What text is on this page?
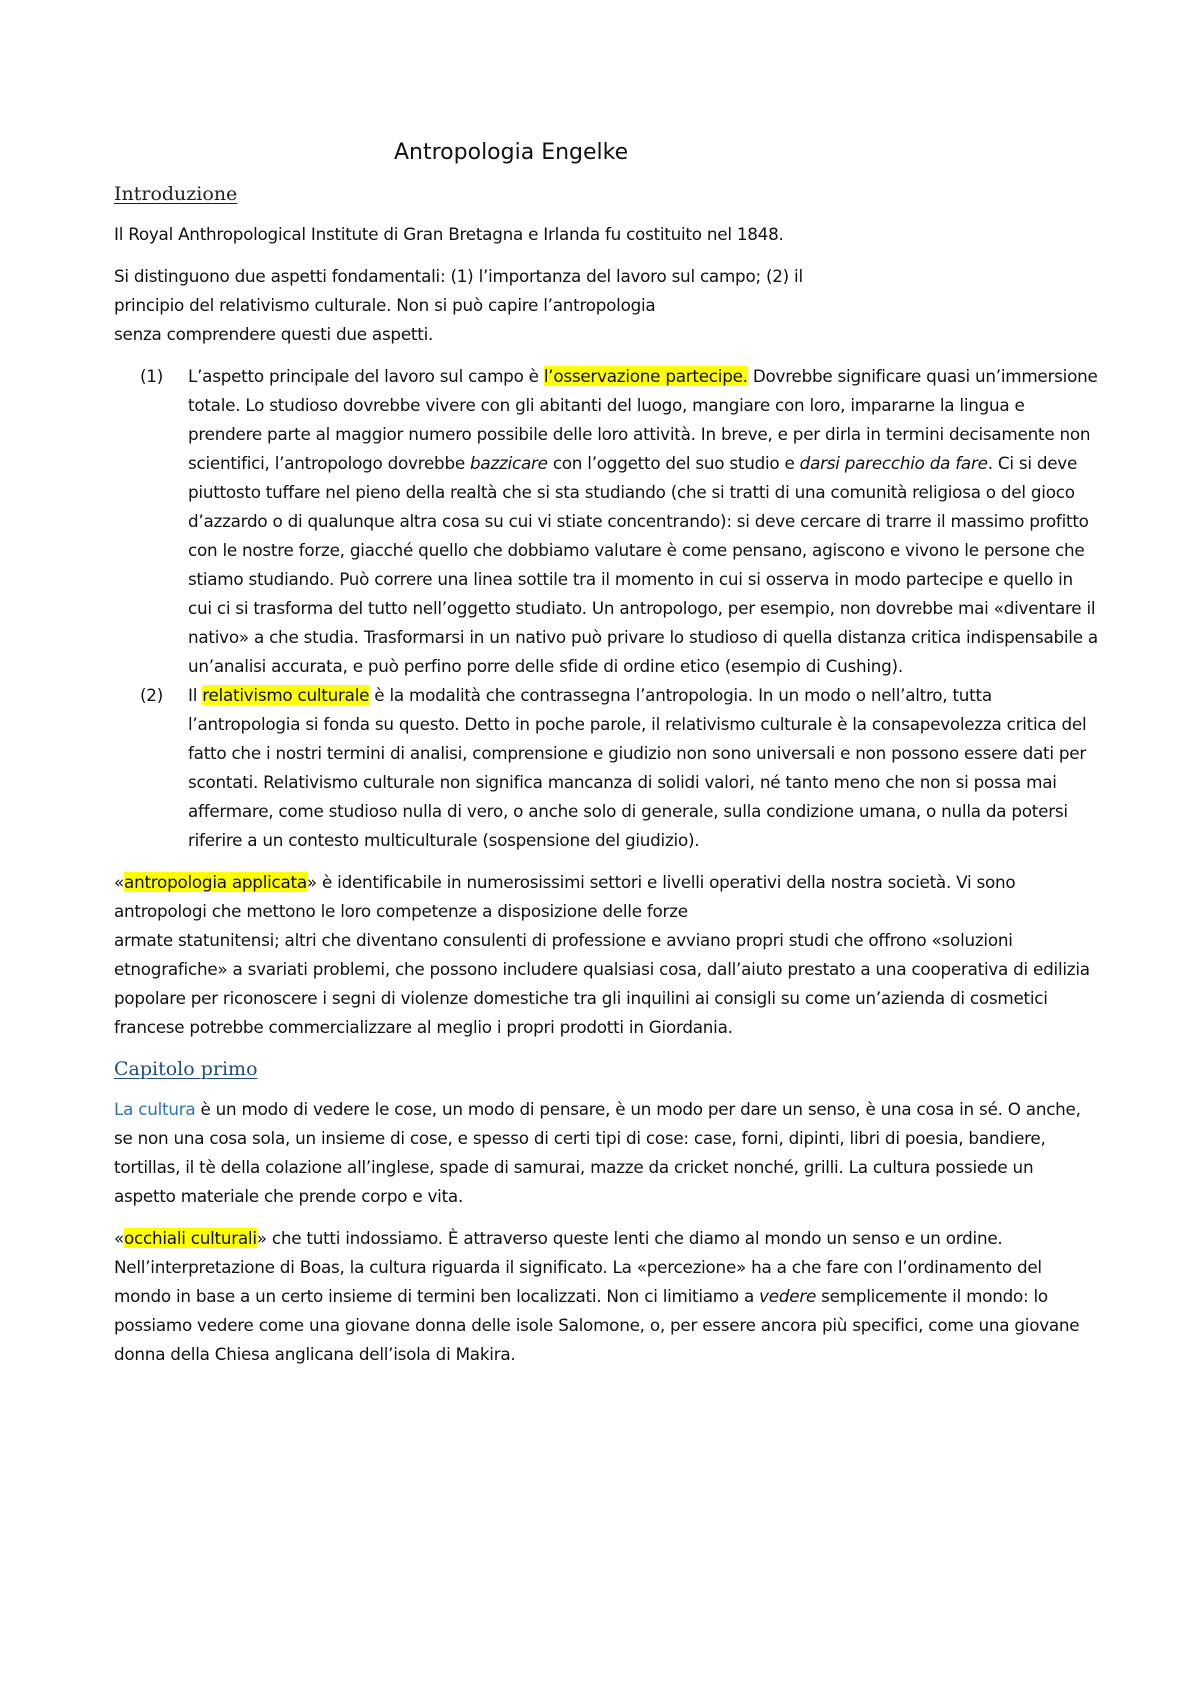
Antropologia Engelke
Introduzione

Il Royal Anthropological Institute di Gran Bretagna e Irlanda fu costituito nel 1848.

Si distinguono due aspetti fondamentali: (1) l’importanza del lavoro sul campo; (2) il
principio del relativismo culturale. Non si può capire l’antropologia
senza comprendere questi due aspetti.

(1) L’aspetto principale del lavoro sul campo è l’osservazione partecipe. Dovrebbe significare quasi un’immersione totale. Lo studioso dovrebbe vivere con gli abitanti del luogo, mangiare con loro, impararne la lingua e prendere parte al maggior numero possibile delle loro attività. In breve, e per dirla in termini decisamente non scientifici, l’antropologo dovrebbe bazzicare con l’oggetto del suo studio e darsi parecchio da fare. Ci si deve piuttosto tuffare nel pieno della realtà che si sta studiando (che si tratti di una comunità religiosa o del gioco d’azzardo o di qualunque altra cosa su cui vi stiate concentrando): si deve cercare di trarre il massimo profitto con le nostre forze, giacché quello che dobbiamo valutare è come pensano, agiscono e vivono le persone che stiamo studiando. Può correre una linea sottile tra il momento in cui si osserva in modo partecipe e quello in cui ci si trasforma del tutto nell’oggetto studiato. Un antropologo, per esempio, non dovrebbe mai «diventare il nativo» a che studia. Trasformarsi in un nativo può privare lo studioso di quella distanza critica indispensabile a un’analisi accurata, e può perfino porre delle sfide di ordine etico (esempio di Cushing).
(2) Il relativismo culturale è la modalità che contrassegna l’antropologia. In un modo o nell’altro, tutta l’antropologia si fonda su questo. Detto in poche parole, il relativismo culturale è la consapevolezza critica del fatto che i nostri termini di analisi, comprensione e giudizio non sono universali e non possono essere dati per scontati. Relativismo culturale non significa mancanza di solidi valori, né tanto meno che non si possa mai affermare, come studioso nulla di vero, o anche solo di generale, sulla condizione umana, o nulla da potersi riferire a un contesto multiculturale (sospensione del giudizio).

«antropologia applicata» è identificabile in numerosissimi settori e livelli operativi della nostra società. Vi sono antropologi che mettono le loro competenze a disposizione delle forze
armate statunitensi; altri che diventano consulenti di professione e avviano propri studi che offrono «soluzioni etnografiche» a svariati problemi, che possono includere qualsiasi cosa, dall’aiuto prestato a una cooperativa di edilizia popolare per riconoscere i segni di violenze domestiche tra gli inquilini ai consigli su come un’azienda di cosmetici francese potrebbe commercializzare al meglio i propri prodotti in Giordania.

Capitolo primo

La cultura è un modo di vedere le cose, un modo di pensare, è un modo per dare un senso, è una cosa in sé. O anche, se non una cosa sola, un insieme di cose, e spesso di certi tipi di cose: case, forni, dipinti, libri di poesia, bandiere, tortillas, il tè della colazione all’inglese, spade di samurai, mazze da cricket nonché, grilli. La cultura possiede un aspetto materiale che prende corpo e vita.

«occhiali culturali» che tutti indossiamo. È attraverso queste lenti che diamo al mondo un senso e un ordine. Nell’interpretazione di Boas, la cultura riguarda il significato. La «percezione» ha a che fare con l’ordinamento del mondo in base a un certo insieme di termini ben localizzati. Non ci limitiamo a vedere semplicemente il mondo: lo possiamo vedere come una giovane donna delle isole Salomone, o, per essere ancora più specifici, come una giovane donna della Chiesa anglicana dell’isola di Makira.
